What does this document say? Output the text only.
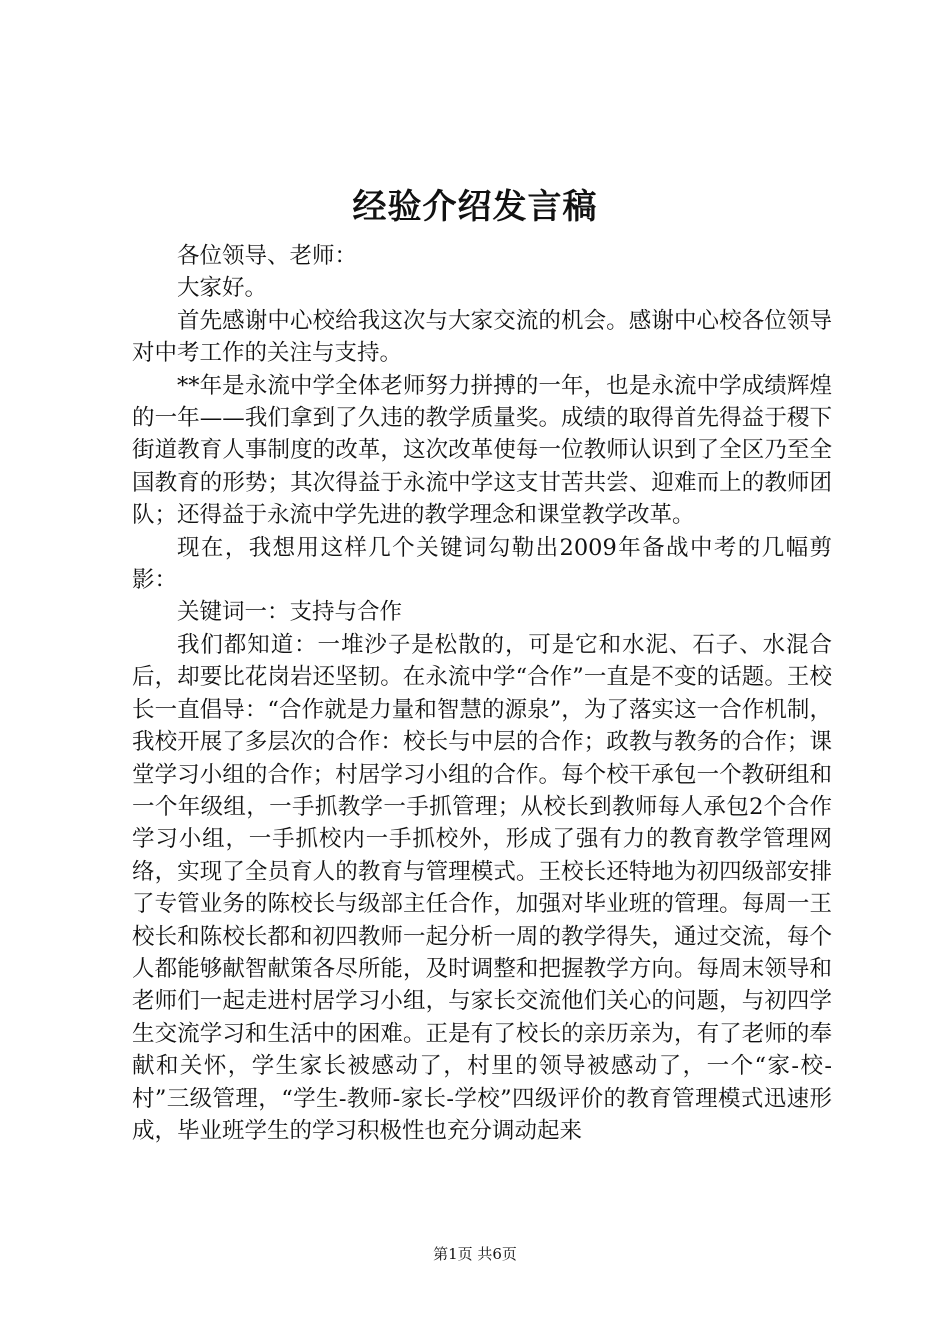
经验介绍发言稿

各位领导、老师：

大家好。

首先感谢中心校给我这次与大家交流的机会。感谢中心校各位领导对中考工作的关注与支持。

**年是永流中学全体老师努力拼搏的一年，也是永流中学成绩辉煌的一年——我们拿到了久违的教学质量奖。成绩的取得首先得益于稷下街道教育人事制度的改革，这次改革使每一位教师认识到了全区乃至全国教育的形势；其次得益于永流中学这支甘苦共尝、迎难而上的教师团队；还得益于永流中学先进的教学理念和课堂教学改革。

现在，我想用这样几个关键词勾勒出2009年备战中考的几幅剪影：

关键词一：支持与合作

我们都知道：一堆沙子是松散的，可是它和水泥、石子、水混合后，却要比花岗岩还坚韧。在永流中学“合作”一直是不变的话题。王校长一直倡导：“合作就是力量和智慧的源泉”，为了落实这一合作机制，我校开展了多层次的合作：校长与中层的合作；政教与教务的合作；课堂学习小组的合作；村居学习小组的合作。每个校干承包一个教研组和一个年级组，一手抓教学一手抓管理；从校长到教师每人承包2个合作学习小组，一手抓校内一手抓校外，形成了强有力的教育教学管理网络，实现了全员育人的教育与管理模式。王校长还特地为初四级部安排了专管业务的陈校长与级部主任合作，加强对毕业班的管理。每周一王校长和陈校长都和初四教师一起分析一周的教学得失，通过交流，每个人都能够献智献策各尽所能，及时调整和把握教学方向。每周末领导和老师们一起走进村居学习小组，与家长交流他们关心的问题，与初四学生交流学习和生活中的困难。正是有了校长的亲历亲为，有了老师的奉献和关怀，学生家长被感动了，村里的领导被感动了，一个“家-校-村”三级管理，“学生-教师-家长-学校”四级评价的教育管理模式迅速形成，毕业班学生的学习积极性也充分调动起来

第1页 共6页
